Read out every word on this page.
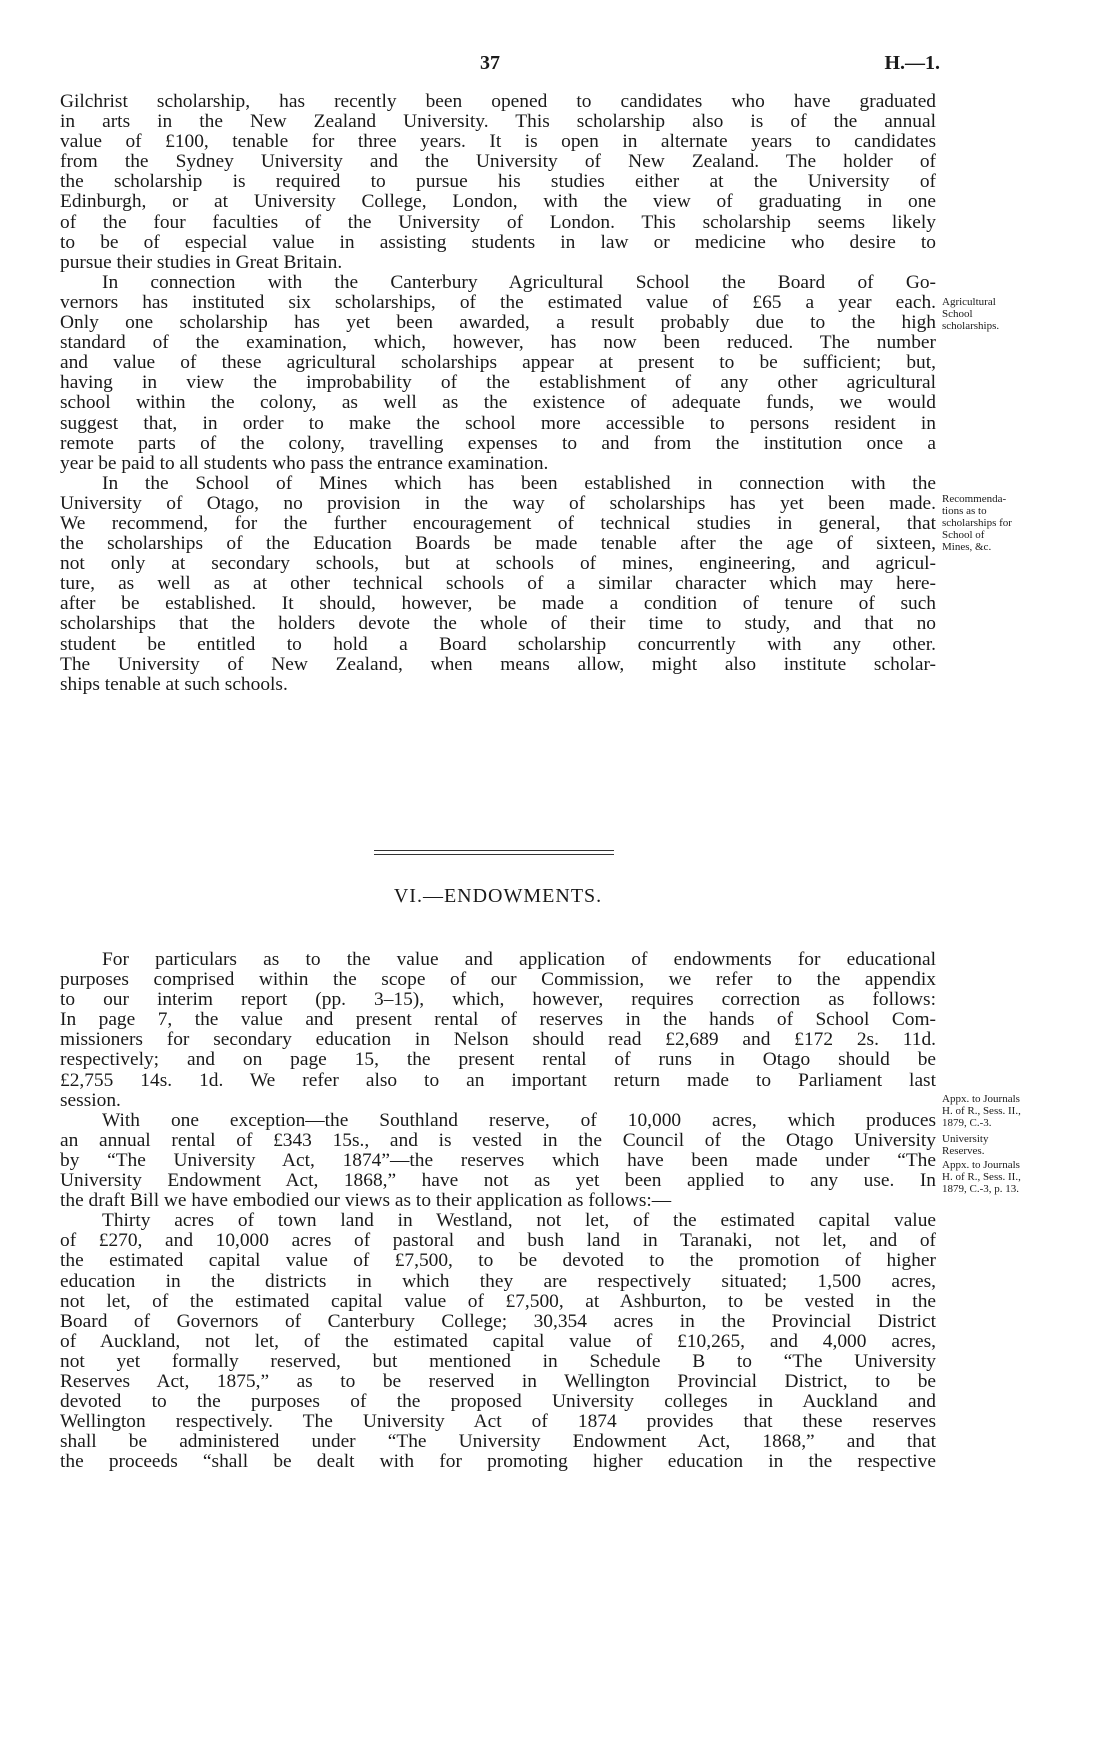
37	H.—1.

Gilchrist scholarship, has recently been opened to candidates who have graduated

in arts in the New Zealand University. This scholarship also is of the annual

value of £100, tenable for three years. It is open in alternate years to candidates

from the Sydney University and the University of New Zealand. The holder of

the scholarship is required to pursue his studies either at the University of

Edinburgh, or at University College, London, with the view of graduating in one

of the four faculties of the University of London. This scholarship seems likely

to be of especial value in assisting students in law or medicine who desire to

pursue their studies in Great Britain.

In connection with the Canterbury Agricultural School the Board of Go-

vernors has instituted six scholarships, of the estimated value of £65 a year each.

Only one scholarship has yet been awarded, a result probably due to the high

standard of the examination, which, however, has now been reduced. The number

and value of these agricultural scholarships appear at present to be sufficient; but,

having in view the improbability of the establishment of any other agricultural

school within the colony, as well as the existence of adequate funds, we would

suggest that, in order to make the school more accessible to persons resident in

remote parts of the colony, travelling expenses to and from the institution once a

year be paid to all students who pass the entrance examination.

In the School of Mines which has been established in connection with the

University of Otago, no provision in the way of scholarships has yet been made.

We recommend, for the further encouragement of technical studies in general, that

the scholarships of the Education Boards be made tenable after the age of sixteen,

not only at secondary schools, but at schools of mines, engineering, and agricul-

ture, as well as at other technical schools of a similar character which may here-

after be established. It should, however, be made a condition of tenure of such

scholarships that the holders devote the whole of their time to study, and that no

student be entitled to hold a Board scholarship concurrently with any other.

The University of New Zealand, when means allow, might also institute scholar-

ships tenable at such schools.

VI.—ENDOWMENTS.

For particulars as to the value and application of endowments for educational

purposes comprised within the scope of our Commission, we refer to the appendix

to our interim report (pp. 3–15), which, however, requires correction as follows:

In page 7, the value and present rental of reserves in the hands of School Com-

missioners for secondary education in Nelson should read £2,689 and £172 2s. 11d.

respectively; and on page 15, the present rental of runs in Otago should be

£2,755 14s. 1d. We refer also to an important return made to Parliament last

session.

With one exception—the Southland reserve, of 10,000 acres, which produces

an annual rental of £343 15s., and is vested in the Council of the Otago University

by “The University Act, 1874”—the reserves which have been made under “The

University Endowment Act, 1868,” have not as yet been applied to any use. In

the draft Bill we have embodied our views as to their application as follows:—

Thirty acres of town land in Westland, not let, of the estimated capital value

of £270, and 10,000 acres of pastoral and bush land in Taranaki, not let, and of

the estimated capital value of £7,500, to be devoted to the promotion of higher

education in the districts in which they are respectively situated; 1,500 acres,

not let, of the estimated capital value of £7,500, at Ashburton, to be vested in the

Board of Governors of Canterbury College; 30,354 acres in the Provincial District

of Auckland, not let, of the estimated capital value of £10,265, and 4,000 acres,

not yet formally reserved, but mentioned in Schedule B to “The University

Reserves Act, 1875,” as to be reserved in Wellington Provincial District, to be

devoted to the purposes of the proposed University colleges in Auckland and

Wellington respectively. The University Act of 1874 provides that these reserves

shall be administered under “The University Endowment Act, 1868,” and that

the proceeds “shall be dealt with for promoting higher education in the respective

Agricultural
School
scholarships.
Recommenda-
tions as to
scholarships for
School of
Mines, &c.
Appx. to Journals
H. of R., Sess. II.,
1879, C.-3.
University
Reserves.
Appx. to Journals
H. of R., Sess. II.,
1879, C.-3, p. 13.
